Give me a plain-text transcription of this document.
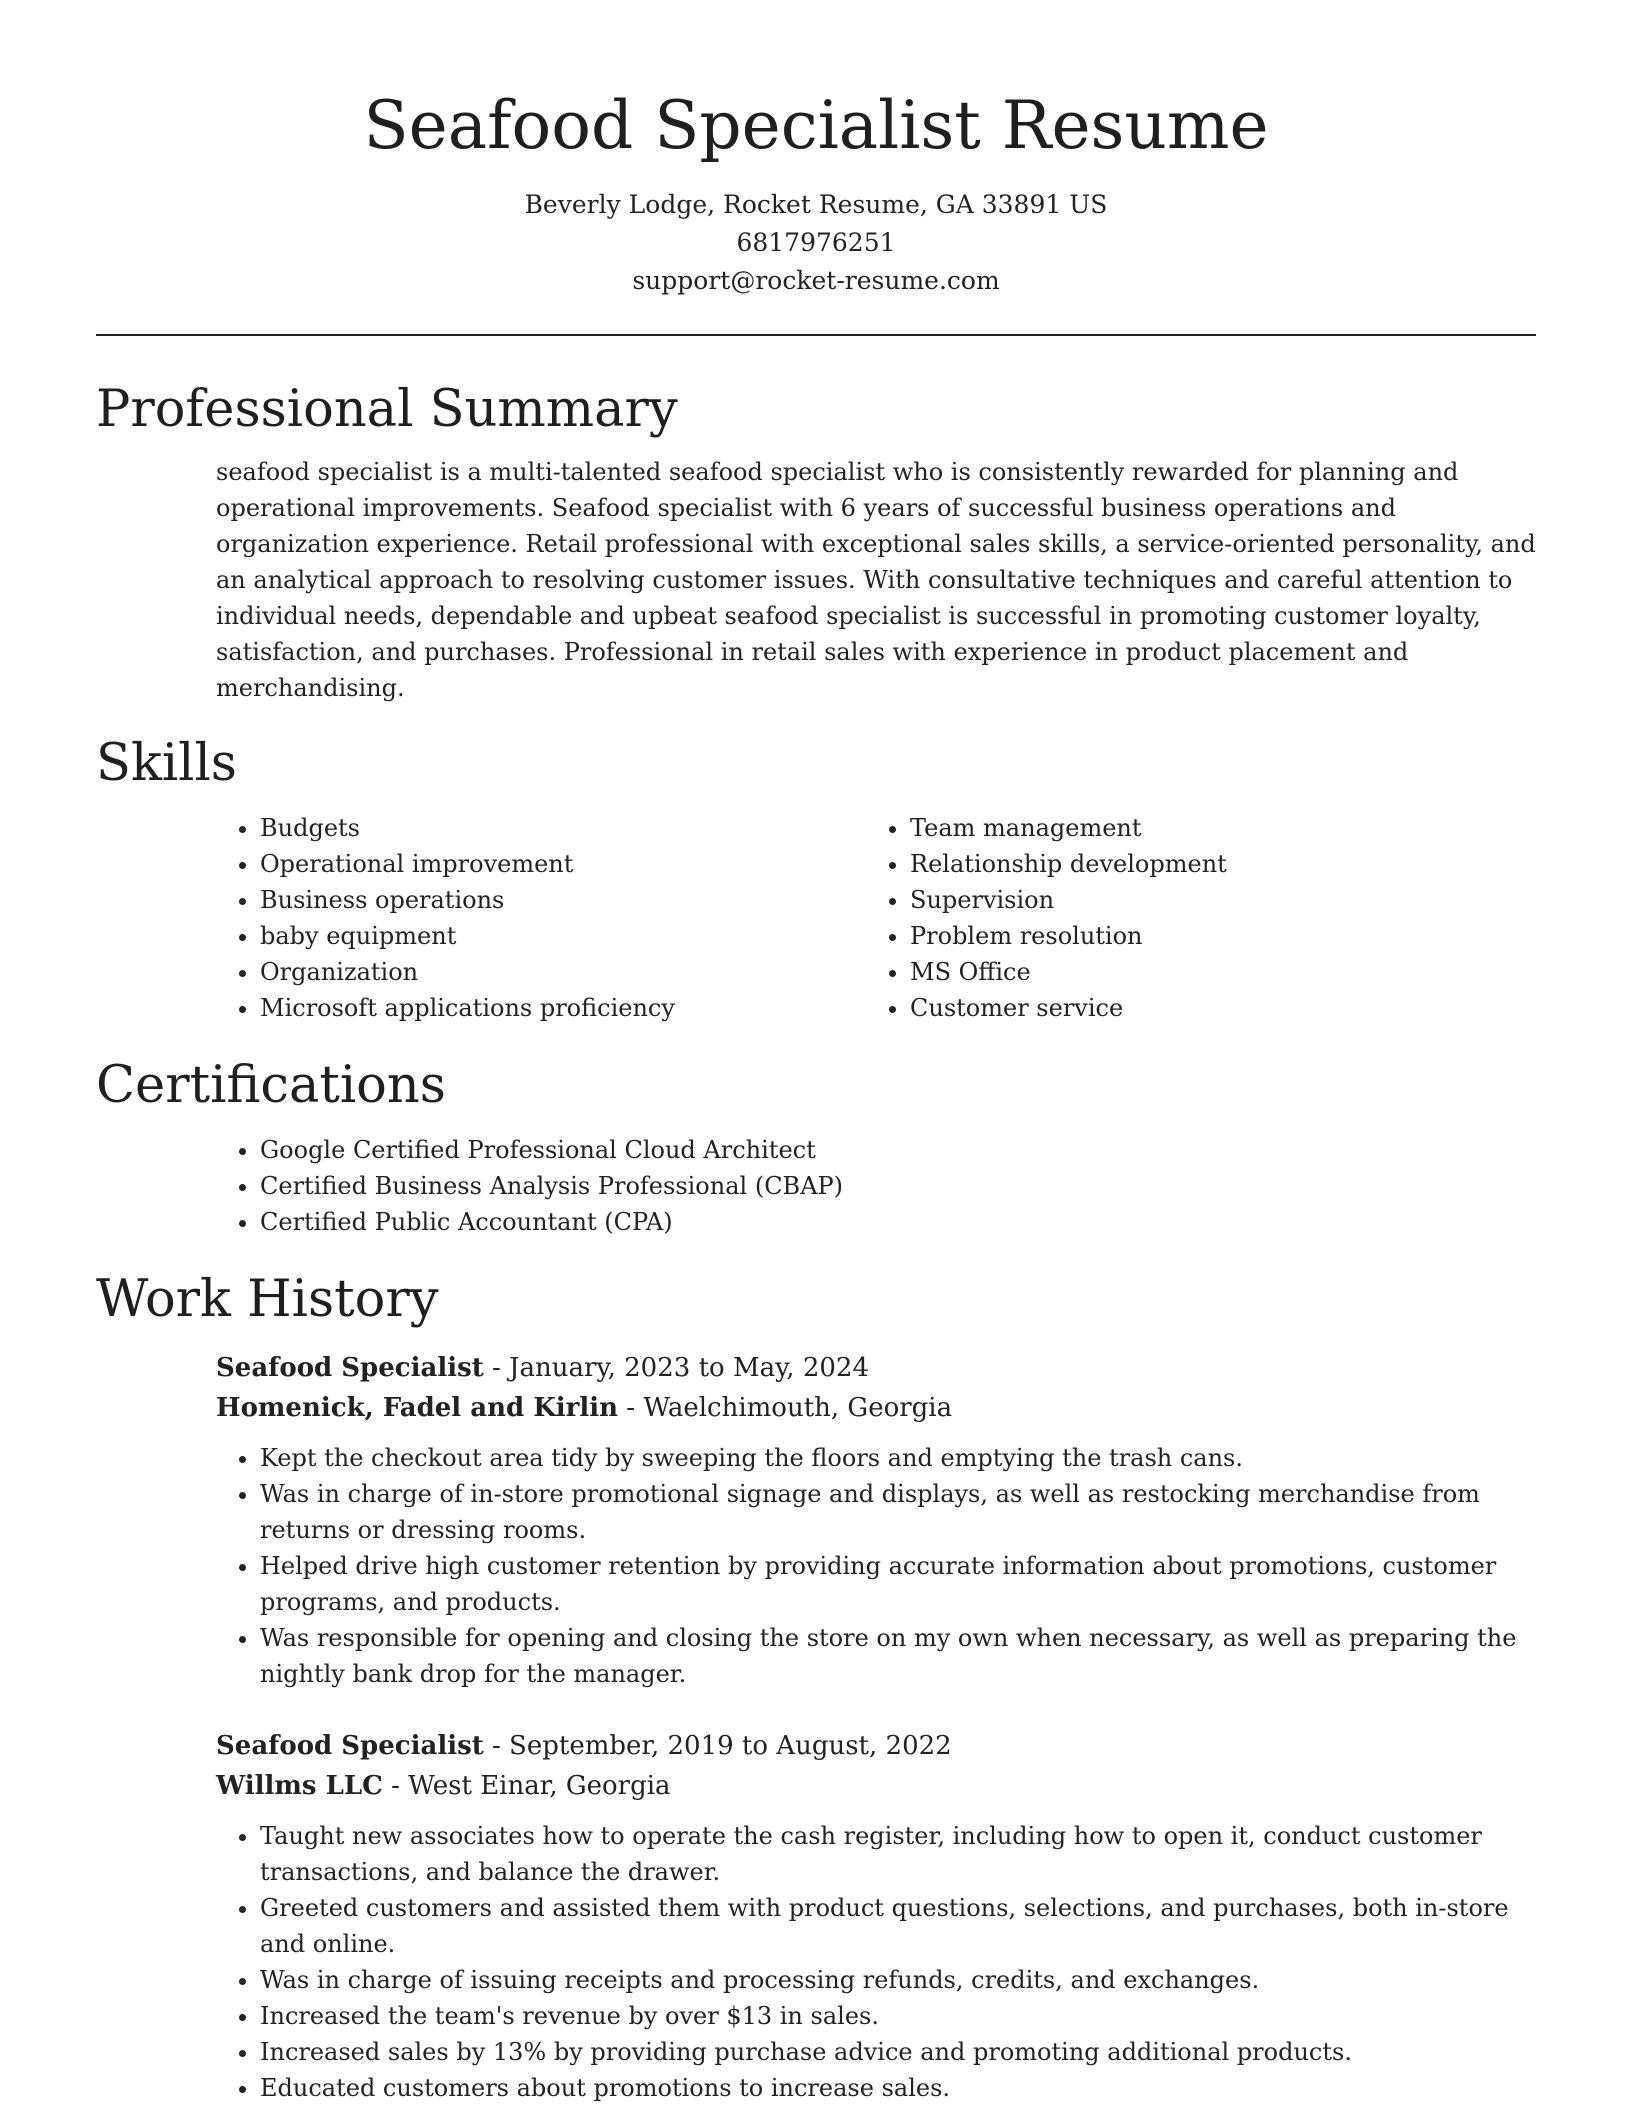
Seafood Specialist Resume
Beverly Lodge, Rocket Resume, GA 33891 US
6817976251
support@rocket-resume.com
Professional Summary

seafood specialist is a multi-talented seafood specialist who is consistently rewarded for planning and operational improvements. Seafood specialist with 6 years of successful business operations and organization experience. Retail professional with exceptional sales skills, a service-oriented personality, and an analytical approach to resolving customer issues. With consultative techniques and careful attention to individual needs, dependable and upbeat seafood specialist is successful in promoting customer loyalty, satisfaction, and purchases. Professional in retail sales with experience in product placement and merchandising.

Skills
• Budgets
• Operational improvement
• Business operations
• baby equipment
• Organization
• Microsoft applications proficiency
• Team management
• Relationship development
• Supervision
• Problem resolution
• MS Office
• Customer service
Certifications
• Google Certified Professional Cloud Architect
• Certified Business Analysis Professional (CBAP)
• Certified Public Accountant (CPA)
Work History
Seafood Specialist - January, 2023 to May, 2024
Homenick, Fadel and Kirlin - Waelchimouth, Georgia
• Kept the checkout area tidy by sweeping the floors and emptying the trash cans.
• Was in charge of in-store promotional signage and displays, as well as restocking merchandise from returns or dressing rooms.
• Helped drive high customer retention by providing accurate information about promotions, customer programs, and products.
• Was responsible for opening and closing the store on my own when necessary, as well as preparing the nightly bank drop for the manager.
Seafood Specialist - September, 2019 to August, 2022
Willms LLC - West Einar, Georgia
• Taught new associates how to operate the cash register, including how to open it, conduct customer transactions, and balance the drawer.
• Greeted customers and assisted them with product questions, selections, and purchases, both in-store and online.
• Was in charge of issuing receipts and processing refunds, credits, and exchanges.
• Increased the team's revenue by over $13 in sales.
• Increased sales by 13% by providing purchase advice and promoting additional products.
• Educated customers about promotions to increase sales.
